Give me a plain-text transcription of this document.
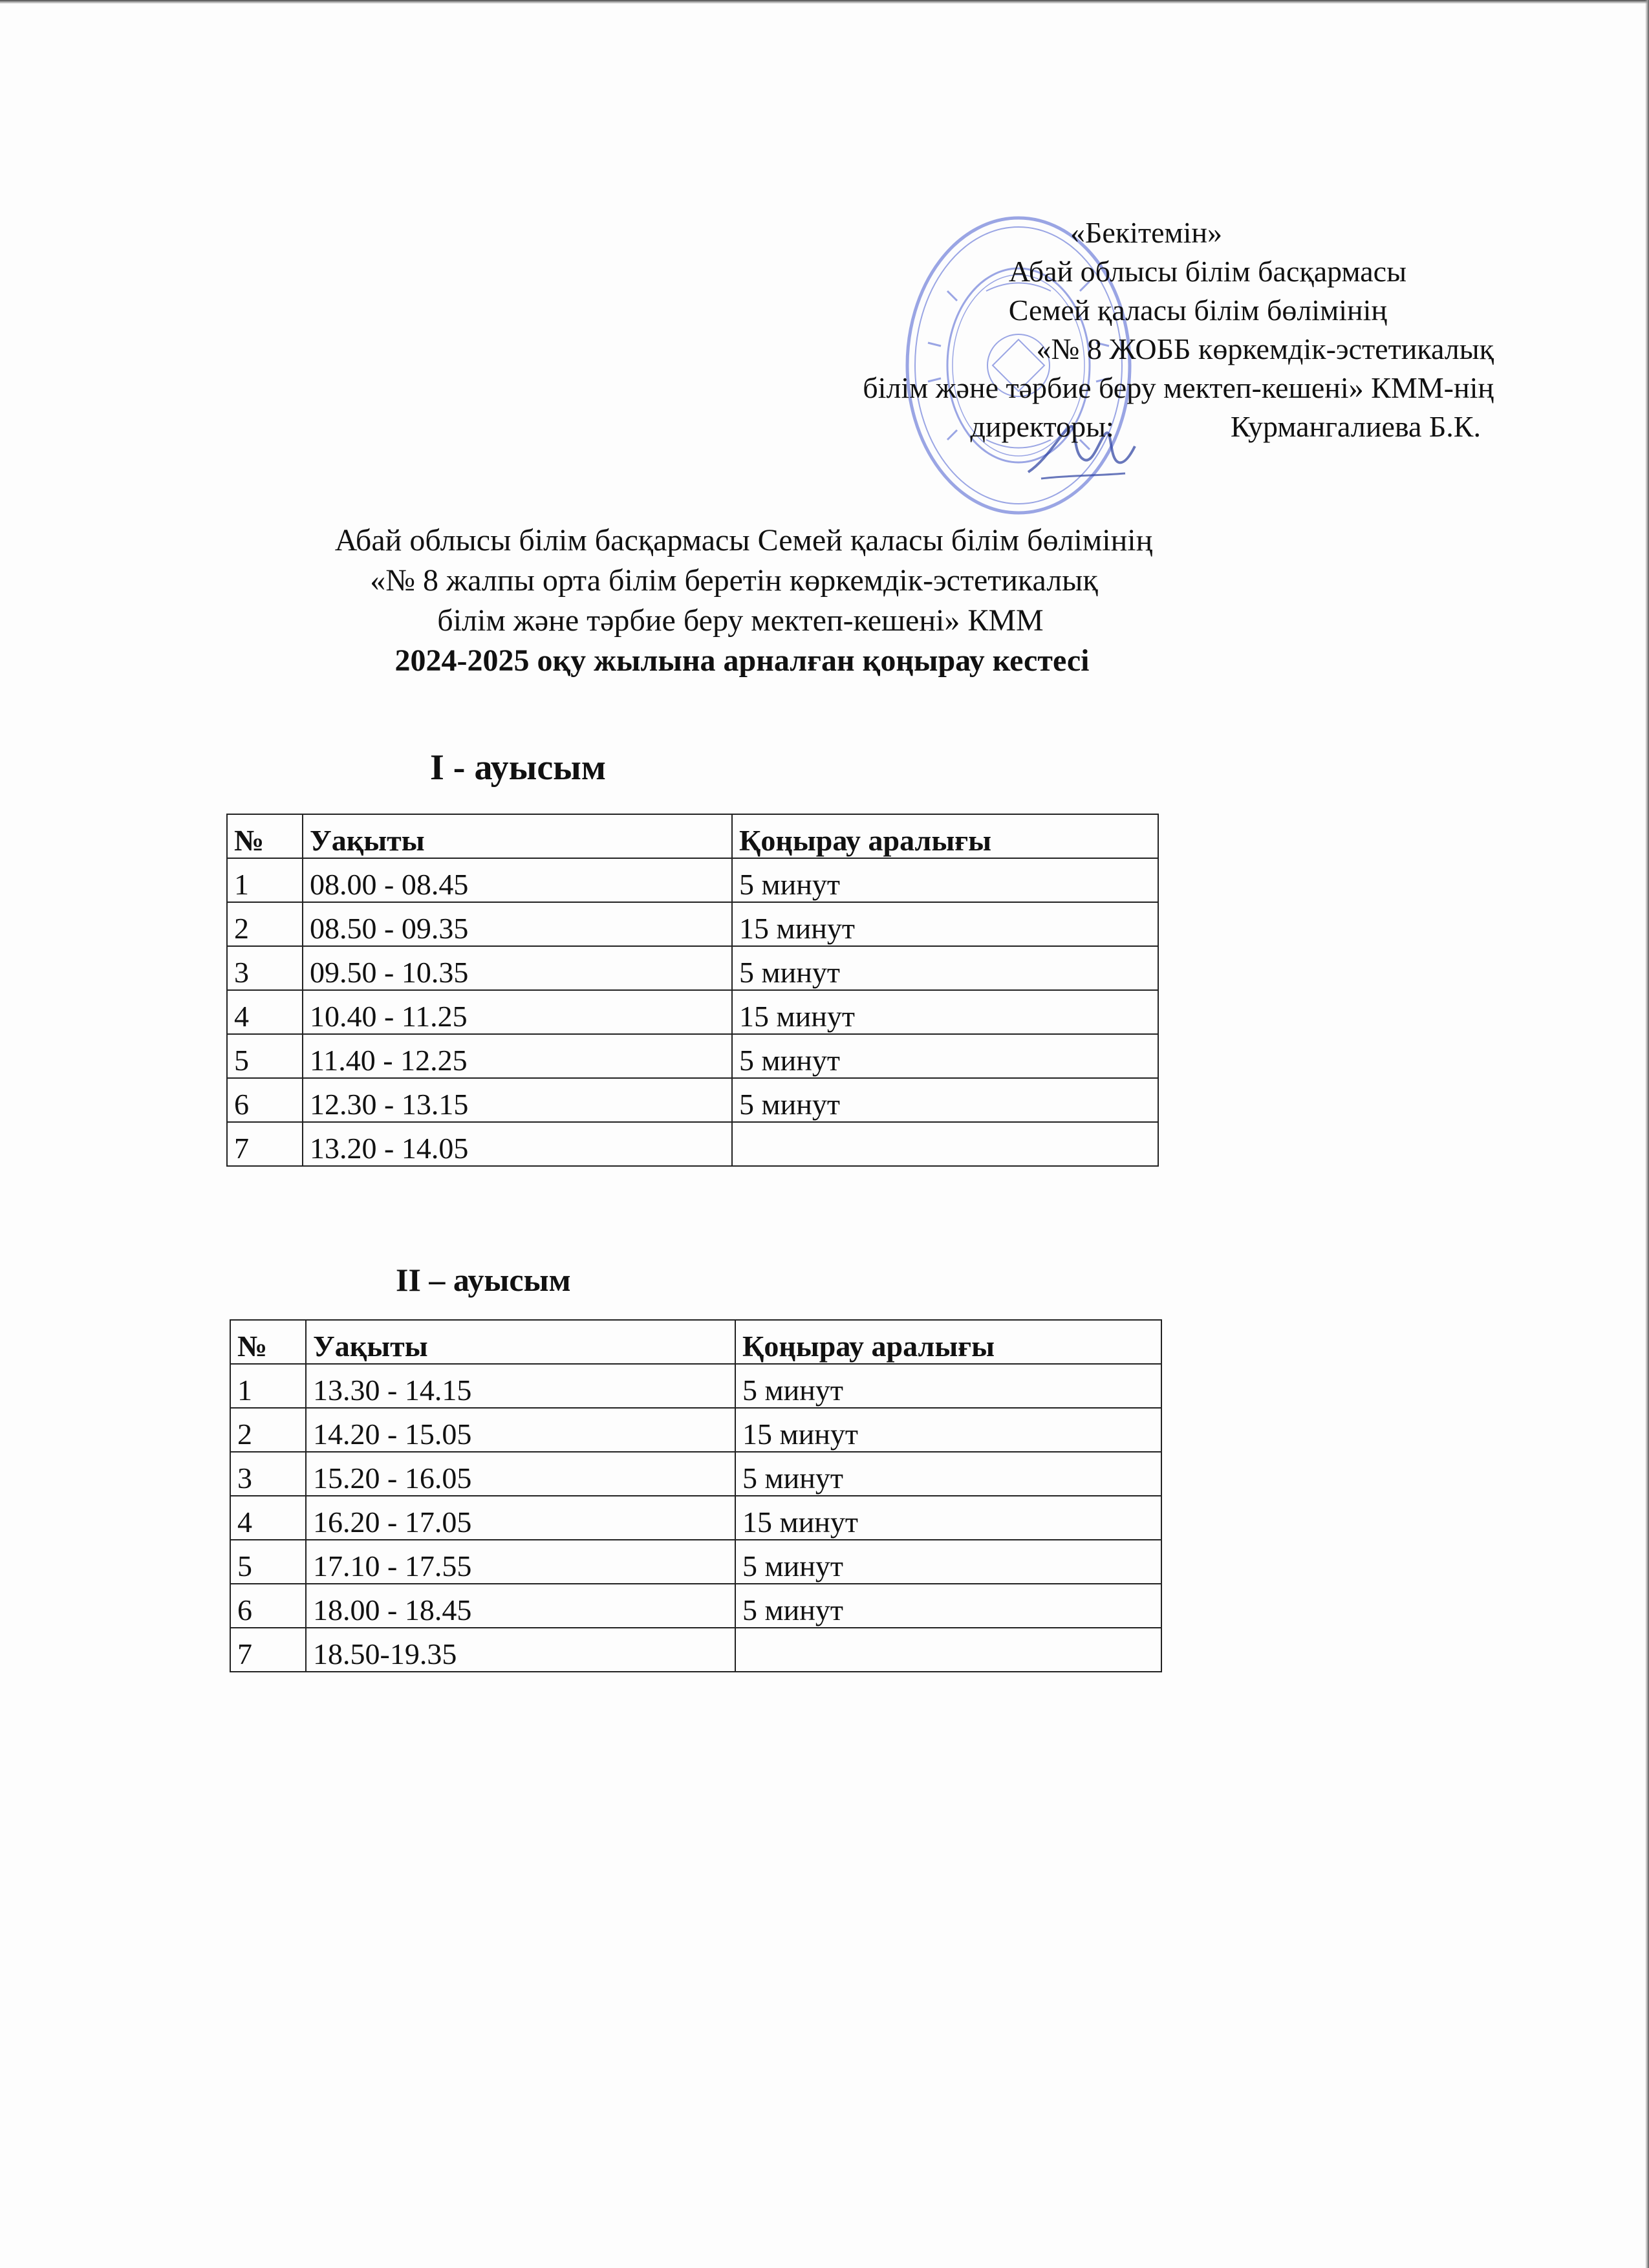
«Бекітемін»
Абай облысы білім басқармасы
Семей қаласы білім бөлімінің
«№ 8 ЖОББ көркемдік-эстетикалық
білім және тәрбие беру мектеп-кешені» КММ-нің
директоры:	Курмангалиева Б.К.
Абай облысы білім басқармасы Семей қаласы білім бөлімінің
«№ 8 жалпы орта білім беретін көркемдік-эстетикалық
білім және тәрбие беру мектеп-кешені» КММ
2024-2025 оқу жылына арналған қоңырау кестесі
I - ауысым
№	Уақыты	Қоңырау аралығы
1	08.00 - 08.45	5 минут
2	08.50 - 09.35	15 минут
3	09.50 - 10.35	5 минут
4	10.40 - 11.25	15 минут
5	11.40 - 12.25	5 минут
6	12.30 - 13.15	5 минут
7	13.20 - 14.05	
II – ауысым
№	Уақыты	Қоңырау аралығы
1	13.30 - 14.15	5 минут
2	14.20 - 15.05	15 минут
3	15.20 - 16.05	5 минут
4	16.20 - 17.05	15 минут
5	17.10 - 17.55	5 минут
6	18.00 - 18.45	5 минут
7	18.50-19.35	
